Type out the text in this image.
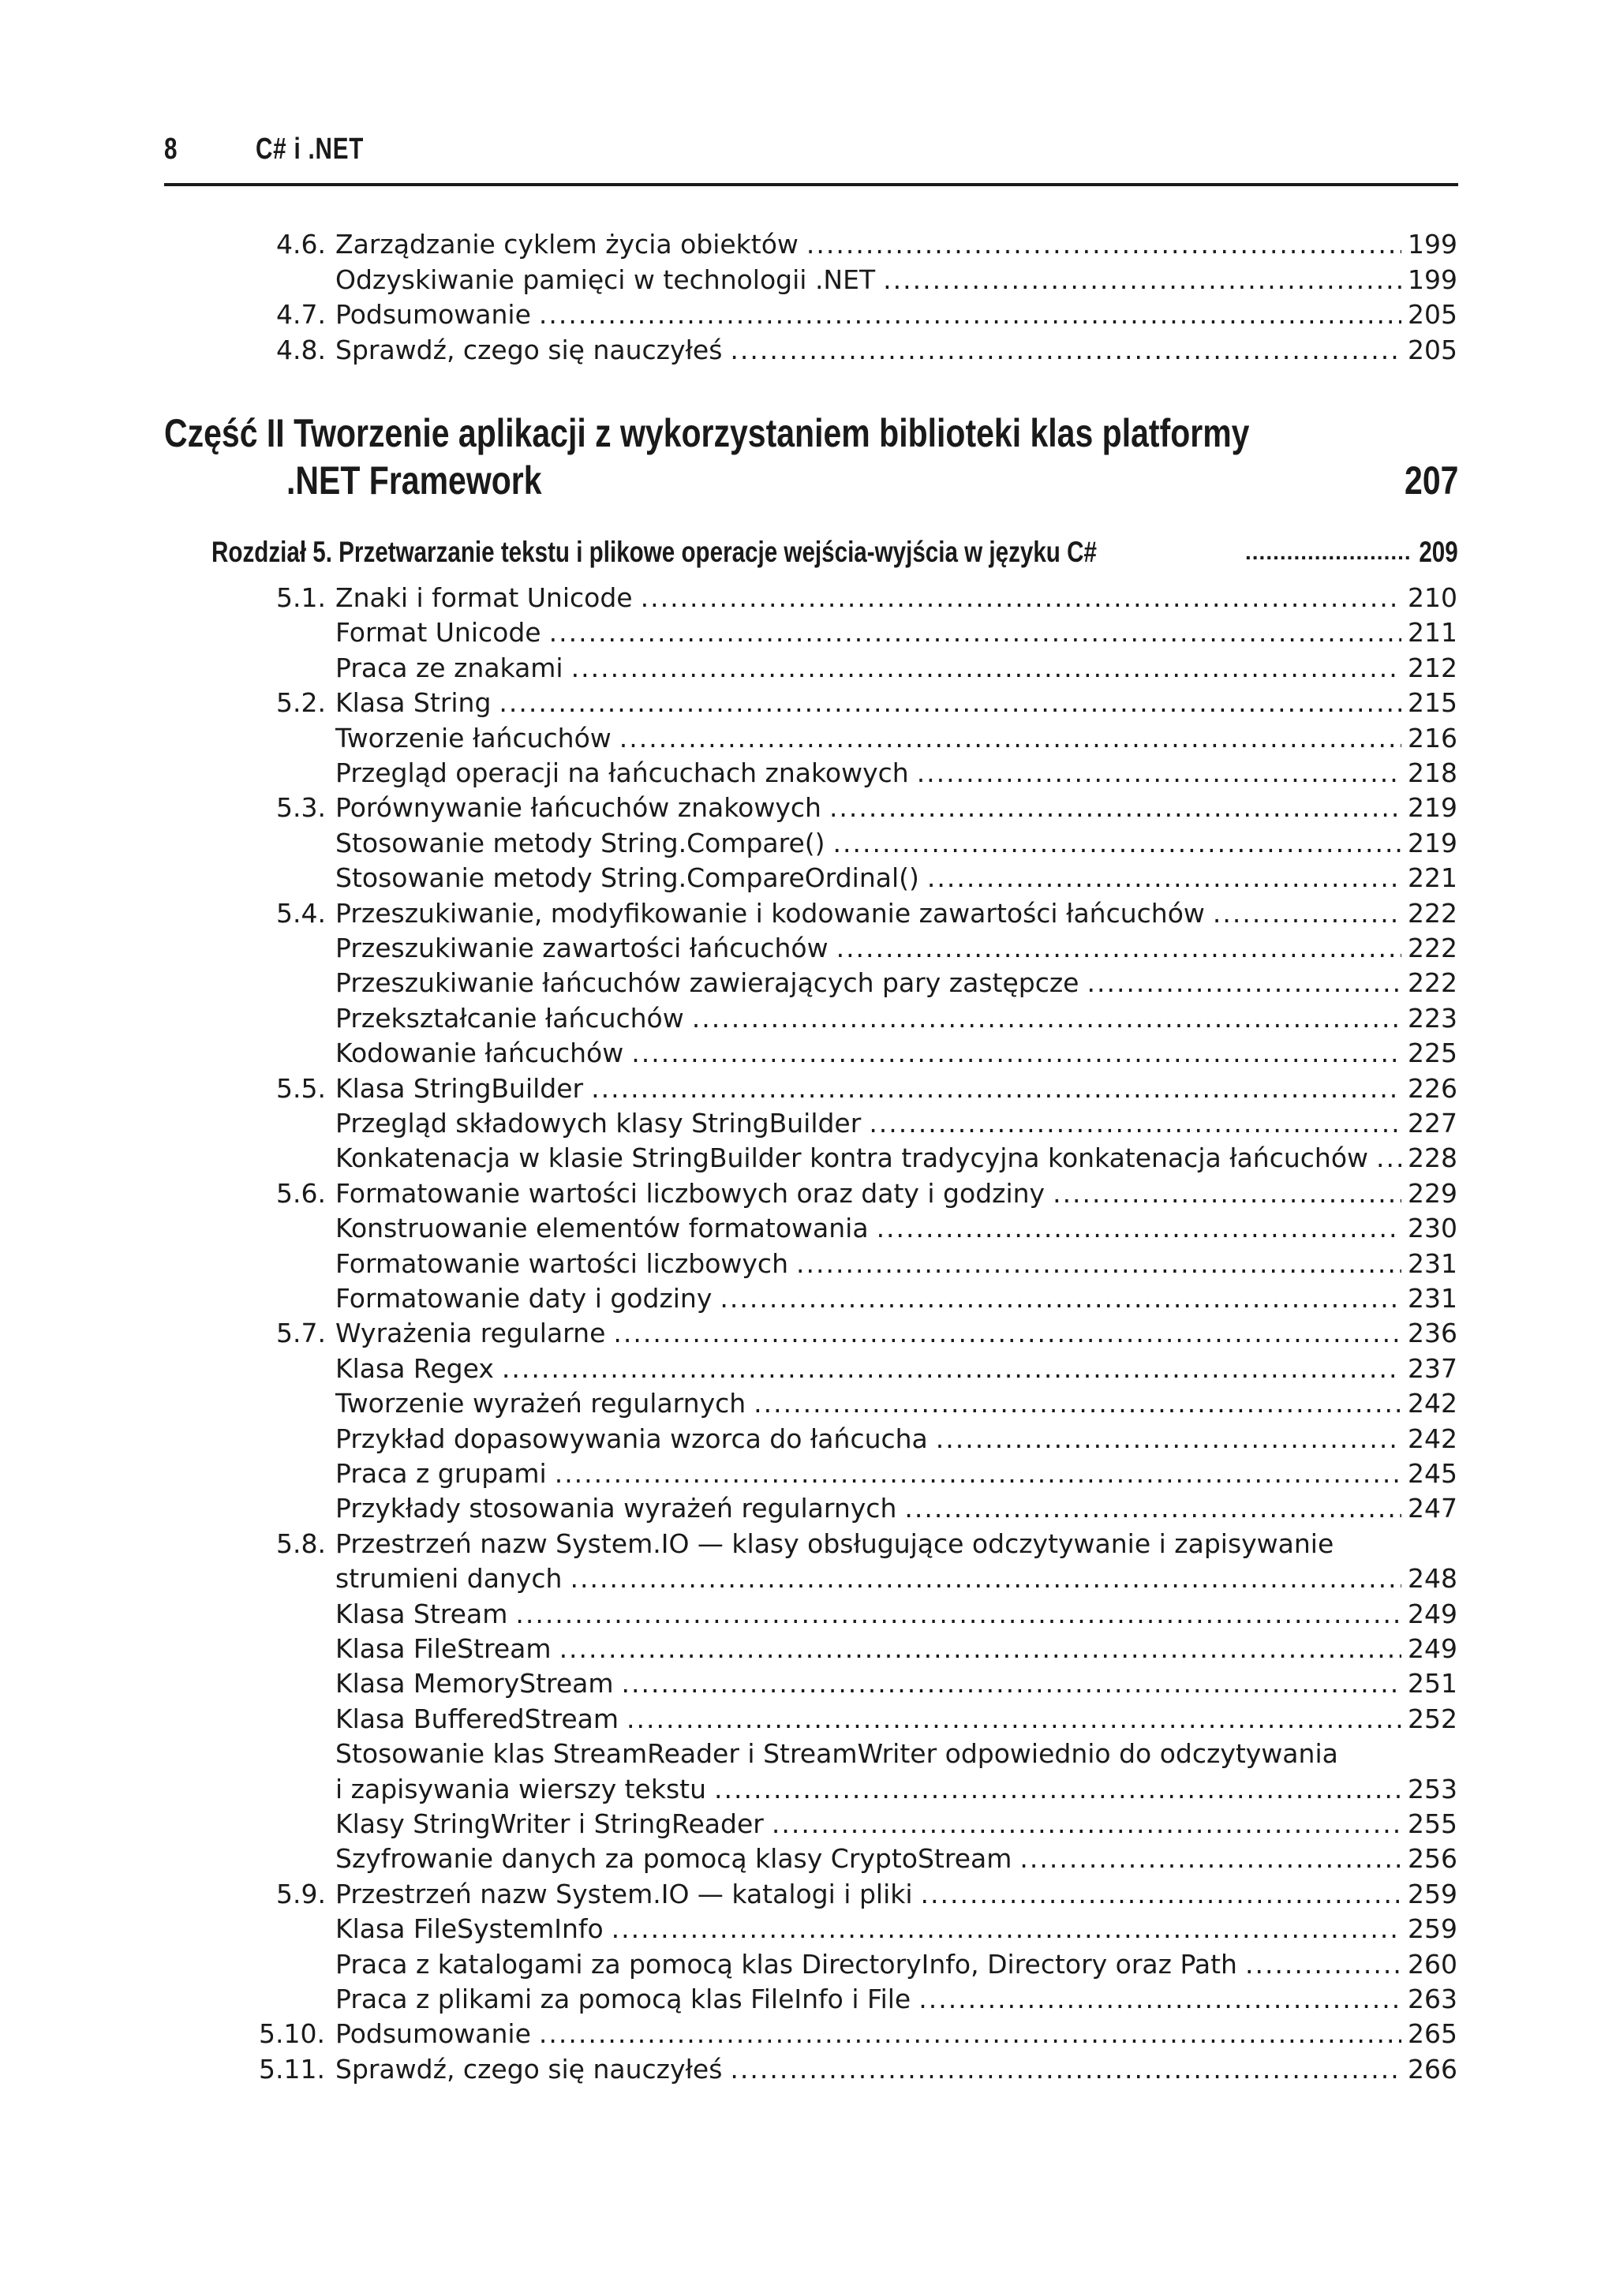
8	C# i .NET
4.6. Zarządzanie cyklem życia obiektów .....	199
Odzyskiwanie pamięci w technologii .NET .....	199
4.7. Podsumowanie .....	205
4.8. Sprawdź, czego się nauczyłeś .....	205
Część II Tworzenie aplikacji z wykorzystaniem biblioteki klas platformy
.NET Framework	207
Rozdział 5. Przetwarzanie tekstu i plikowe operacje wejścia-wyjścia w języku C# .....	209
5.1. Znaki i format Unicode .....	210
Format Unicode .....	211
Praca ze znakami .....	212
5.2. Klasa String .....	215
Tworzenie łańcuchów .....	216
Przegląd operacji na łańcuchach znakowych .....	218
5.3. Porównywanie łańcuchów znakowych .....	219
Stosowanie metody String.Compare() .....	219
Stosowanie metody String.CompareOrdinal() .....	221
5.4. Przeszukiwanie, modyfikowanie i kodowanie zawartości łańcuchów .....	222
Przeszukiwanie zawartości łańcuchów .....	222
Przeszukiwanie łańcuchów zawierających pary zastępcze .....	222
Przekształcanie łańcuchów .....	223
Kodowanie łańcuchów .....	225
5.5. Klasa StringBuilder .....	226
Przegląd składowych klasy StringBuilder .....	227
Konkatenacja w klasie StringBuilder kontra tradycyjna konkatenacja łańcuchów .....	228
5.6. Formatowanie wartości liczbowych oraz daty i godziny .....	229
Konstruowanie elementów formatowania .....	230
Formatowanie wartości liczbowych .....	231
Formatowanie daty i godziny .....	231
5.7. Wyrażenia regularne .....	236
Klasa Regex .....	237
Tworzenie wyrażeń regularnych .....	242
Przykład dopasowywania wzorca do łańcucha .....	242
Praca z grupami .....	245
Przykłady stosowania wyrażeń regularnych .....	247
5.8. Przestrzeń nazw System.IO — klasy obsługujące odczytywanie i zapisywanie
strumieni danych .....	248
Klasa Stream .....	249
Klasa FileStream .....	249
Klasa MemoryStream .....	251
Klasa BufferedStream .....	252
Stosowanie klas StreamReader i StreamWriter odpowiednio do odczytywania
i zapisywania wierszy tekstu .....	253
Klasy StringWriter i StringReader .....	255
Szyfrowanie danych za pomocą klasy CryptoStream .....	256
5.9. Przestrzeń nazw System.IO — katalogi i pliki .....	259
Klasa FileSystemInfo .....	259
Praca z katalogami za pomocą klas DirectoryInfo, Directory oraz Path .....	260
Praca z plikami za pomocą klas FileInfo i File .....	263
5.10. Podsumowanie .....	265
5.11. Sprawdź, czego się nauczyłeś .....	266
